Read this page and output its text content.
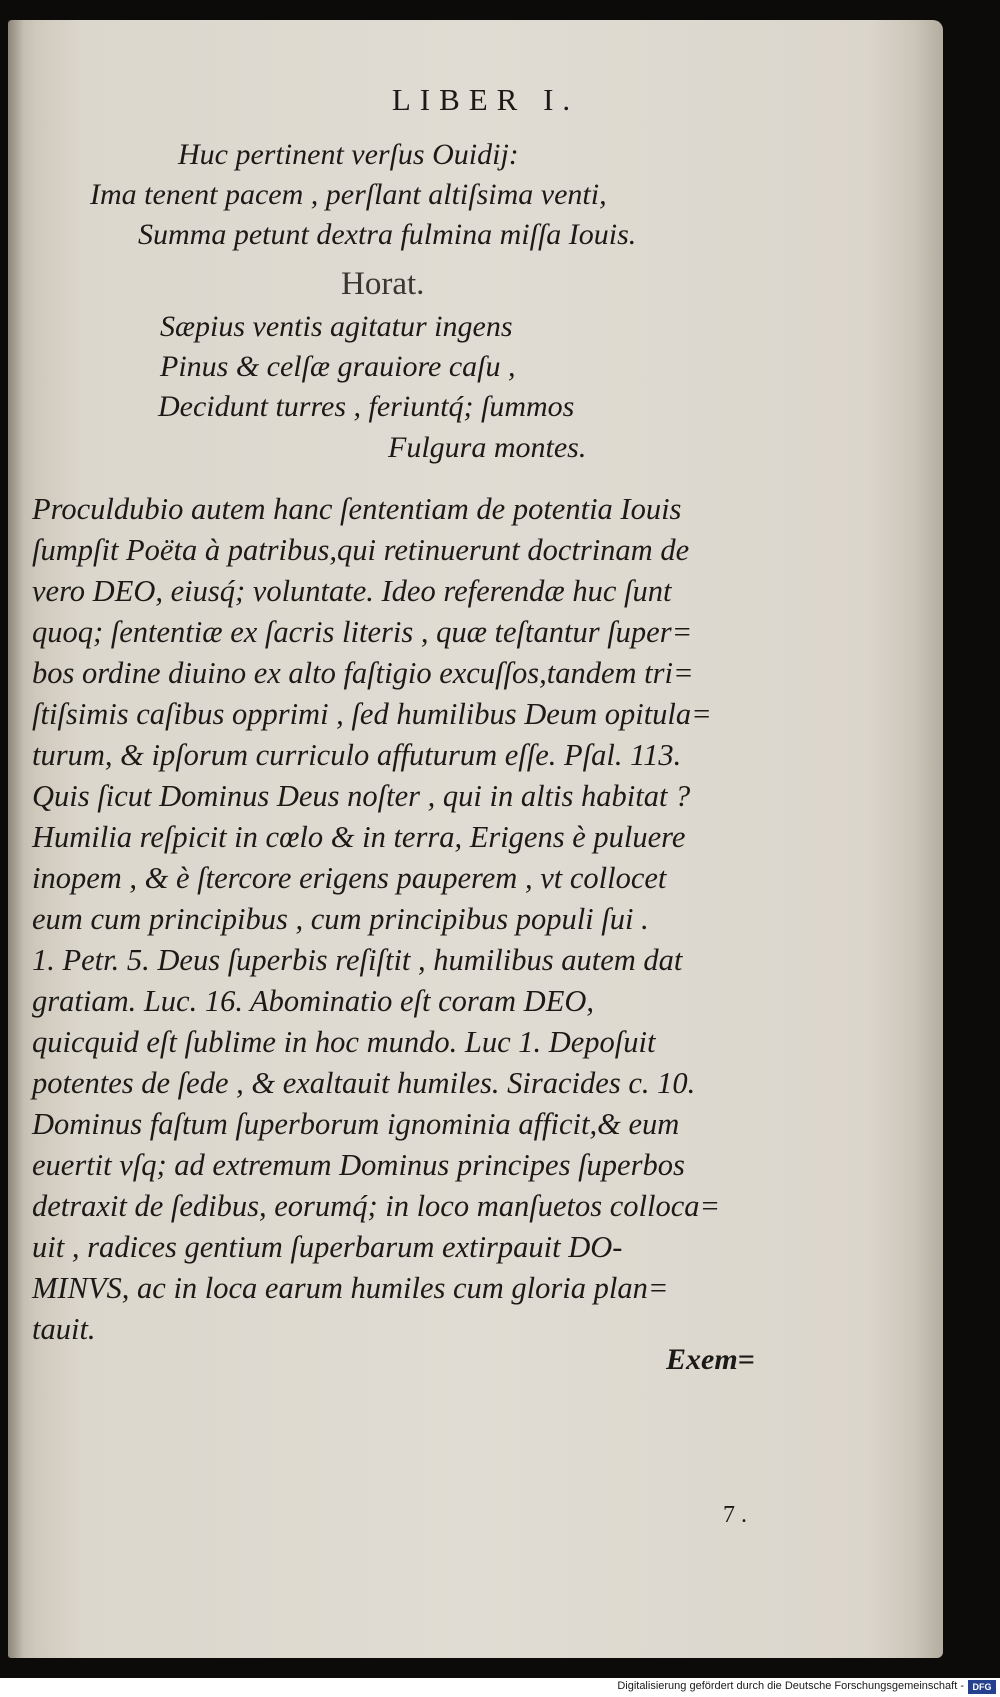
LIBER I.
Huc pertinent verſus Ouidij:
Ima tenent pacem , perſlant altiſsima venti,
Summa petunt dextra fulmina miſſa Iouis.
Horat.
Sæpius ventis agitatur ingens
Pinus & celſæ grauiore caſu ,
Decidunt turres , feriuntq́; ſummos
Fulgura montes.
Proculdubio autem hanc ſententiam de potentia Iouis
ſumpſit Poëta à patribus,qui retinuerunt doctrinam de
vero DEO, eiusq́; voluntate. Ideo referendæ huc ſunt
quoq; ſententiæ ex ſacris literis , quæ teſtantur ſuper=
bos ordine diuino ex alto faſtigio excuſſos,tandem tri=
ſtiſsimis caſibus opprimi , ſed humilibus Deum opitula=
turum, & ipſorum curriculo affuturum eſſe. Pſal. 113.
Quis ſicut Dominus Deus noſter , qui in altis habitat ?
Humilia reſpicit in cœlo & in terra, Erigens è puluere
inopem , & è ſtercore erigens pauperem , vt collocet
eum cum principibus , cum principibus populi ſui .
1. Petr. 5. Deus ſuperbis reſiſtit , humilibus autem dat
gratiam. Luc. 16. Abominatio eſt coram DEO,
quicquid eſt ſublime in hoc mundo. Luc 1. Depoſuit
potentes de ſede , & exaltauit humiles. Siracides c. 10.
Dominus faſtum ſuperborum ignominia afficit,& eum
euertit vſq; ad extremum Dominus principes ſuperbos
detraxit de ſedibus, eorumq́; in loco manſuetos colloca=
uit , radices gentium ſuperbarum extirpauit DO-
MINVS, ac in loca earum humiles cum gloria plan=
tauit.
Exem=
7 .
Digitalisierung gefördert durch die Deutsche Forschungsgemeinschaft - DFG
